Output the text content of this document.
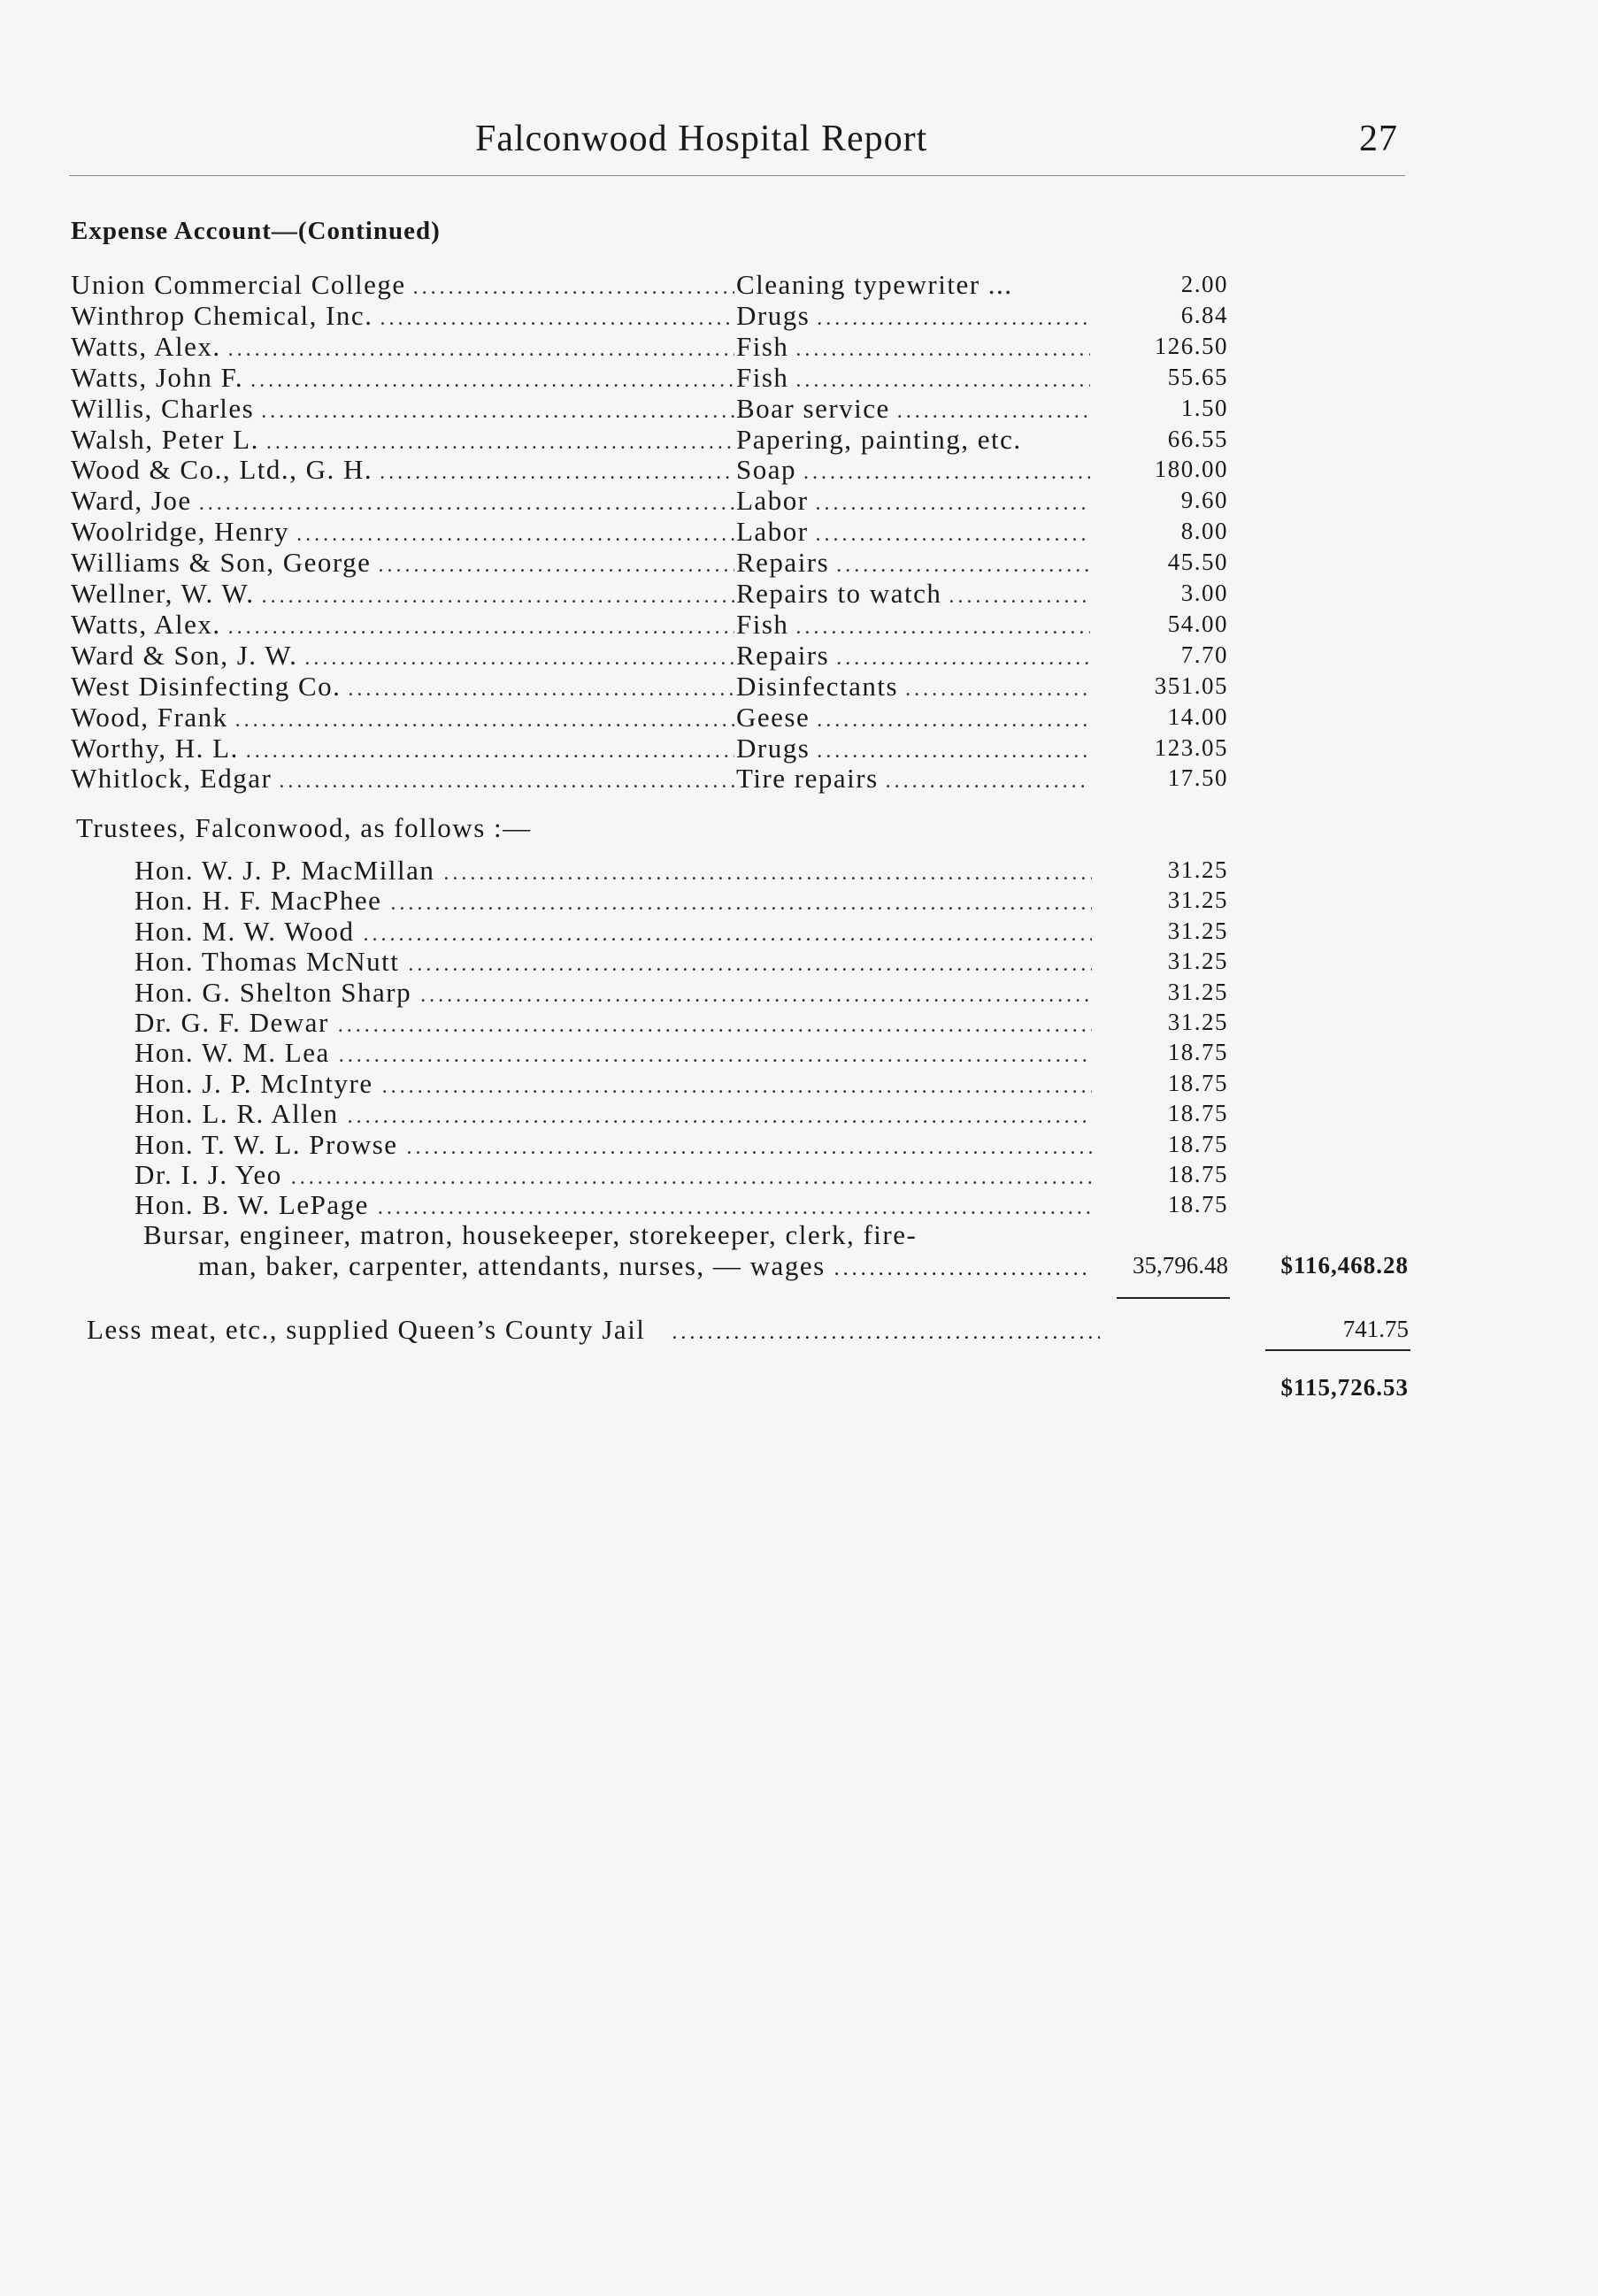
Falconwood Hospital Report	27
Expense Account—(Continued)
Union Commercial College .....	Cleaning typewriter ...	2.00
Winthrop Chemical, Inc. .....	Drugs .....	6.84
Watts, Alex. .....	Fish .....	126.50
Watts, John F. .....	Fish .....	55.65
Willis, Charles .....	Boar service .....	1.50
Walsh, Peter L. .....	Papering, painting, etc.	66.55
Wood & Co., Ltd., G. H. .....	Soap .....	180.00
Ward, Joe .....	Labor .....	9.60
Woolridge, Henry .....	Labor .....	8.00
Williams & Son, George .....	Repairs .....	45.50
Wellner, W. W. .....	Repairs to watch .....	3.00
Watts, Alex. .....	Fish .....	54.00
Ward & Son, J. W. .....	Repairs .....	7.70
West Disinfecting Co. .....	Disinfectants .....	351.05
Wood, Frank .....	Geese .....	14.00
Worthy, H. L. .....	Drugs .....	123.05
Whitlock, Edgar .....	Tire repairs .....	17.50
Trustees, Falconwood, as follows :—
Hon. W. J. P. MacMillan .....	31.25
Hon. H. F. MacPhee .....	31.25
Hon. M. W. Wood .....	31.25
Hon. Thomas McNutt .....	31.25
Hon. G. Shelton Sharp .....	31.25
Dr. G. F. Dewar .....	31.25
Hon. W. M. Lea .....	18.75
Hon. J. P. McIntyre .....	18.75
Hon. L. R. Allen .....	18.75
Hon. T. W. L. Prowse .....	18.75
Dr. I. J. Yeo .....	18.75
Hon. B. W. LePage .....	18.75
Bursar, engineer, matron, housekeeper, storekeeper, clerk, fire-
man, baker, carpenter, attendants, nurses, — wages .....	35,796.48 $116,468.28
Less meat, etc., supplied Queen’s County Jail .....	741.75
$115,726.53
